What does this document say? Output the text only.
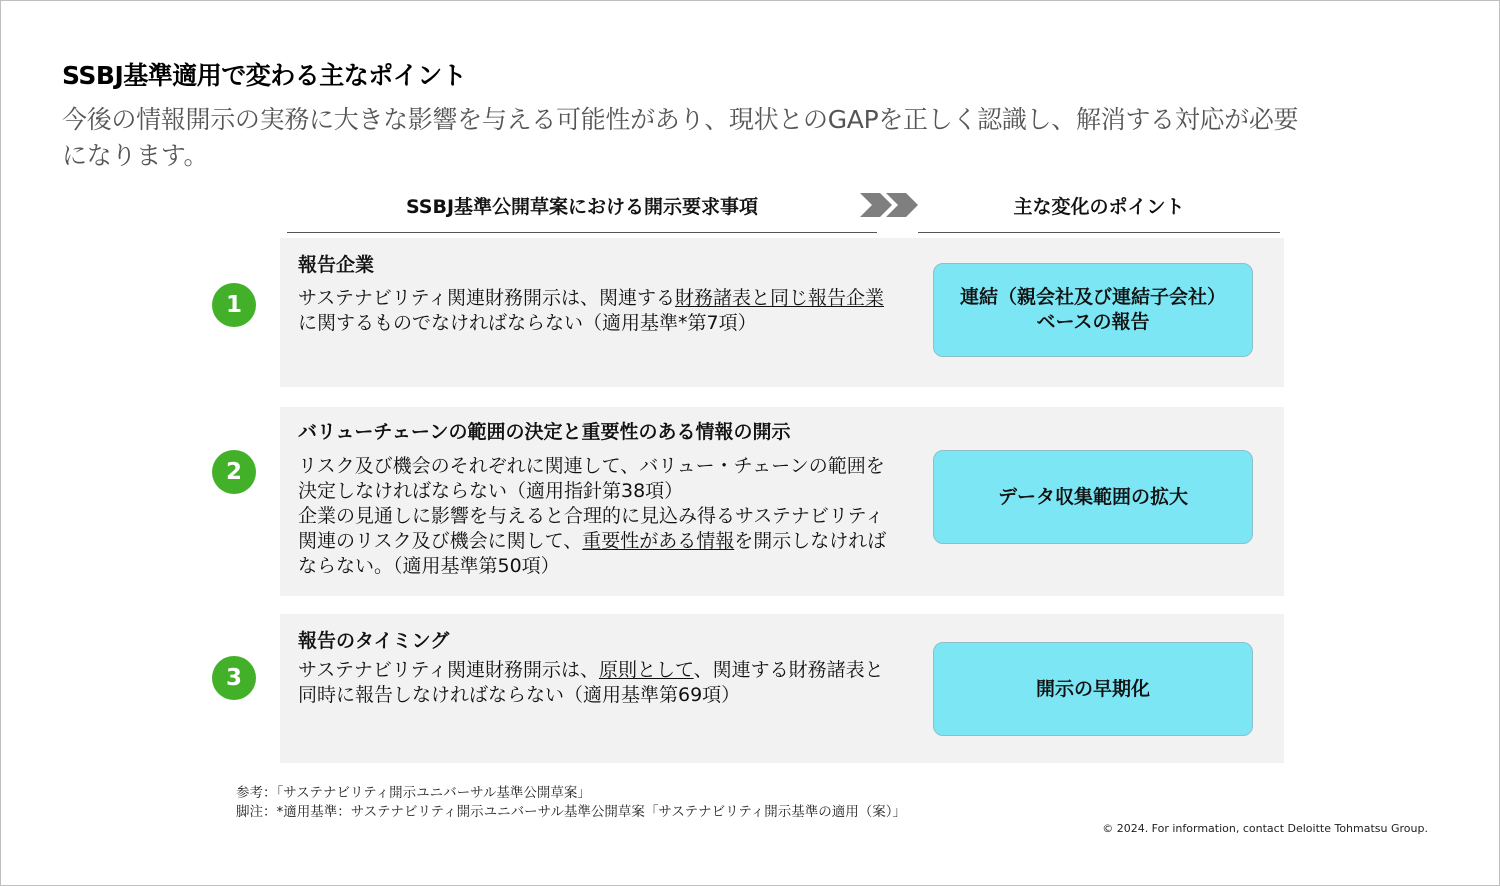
SSBJ基準適用で変わる主なポイント
今後の情報開示の実務に大きな影響を与える可能性があり、現状とのGAPを正しく認識し、解消する対応が必要になります。
SSBJ基準公開草案における開示要求事項	主な変化のポイント
1
報告企業
サステナビリティ関連財務開示は、関連する財務諸表と同じ報告企業に関するものでなければならない（適用基準*第7項）
連結（親会社及び連結子会社）
ベースの報告
2
バリューチェーンの範囲の決定と重要性のある情報の開示
リスク及び機会のそれぞれに関連して、バリュー・チェーンの範囲を決定しなければならない（適用指針第38項）
企業の見通しに影響を与えると合理的に見込み得るサステナビリティ関連のリスク及び機会に関して、重要性がある情報を開示しなければならない。（適用基準第50項）
データ収集範囲の拡大
3
報告のタイミング
サステナビリティ関連財務開示は、原則として、関連する財務諸表と同時に報告しなければならない（適用基準第69項）	開示の早期化
参考：「サステナビリティ開示ユニバーサル基準公開草案」
脚注：*適用基準：サステナビリティ開示ユニバーサル基準公開草案「サステナビリティ開示基準の適用（案）」
© 2024. For information, contact Deloitte Tohmatsu Group.
